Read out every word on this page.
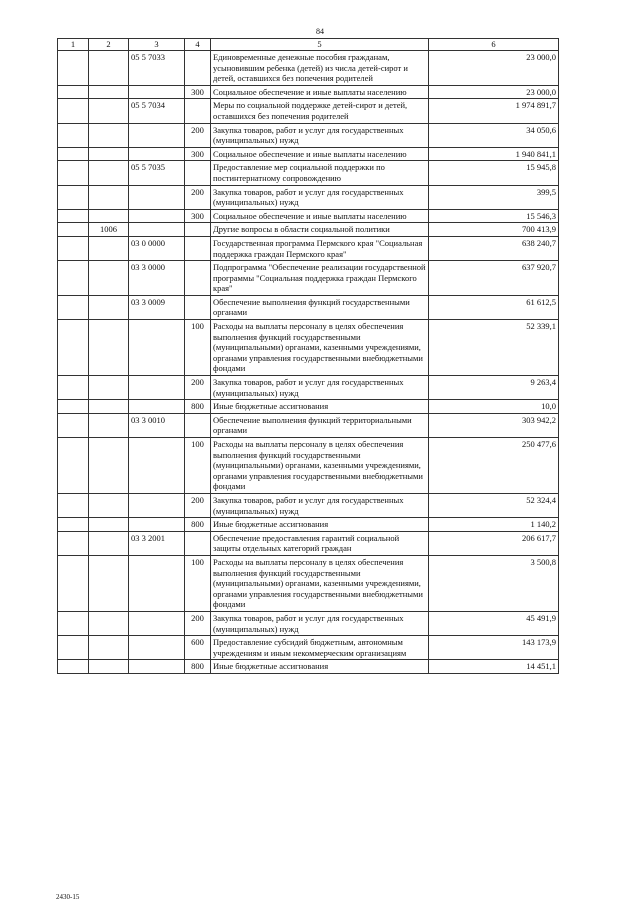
84
1	2	3	4	5	6
		05 5 7033		Единовременные денежные пособия гражданам, усыновившим ребенка (детей) из числа детей-сирот и детей, оставшихся без попечения родителей	23 000,0
			300	Социальное обеспечение и иные выплаты населению	23 000,0
		05 5 7034		Меры по социальной поддержке детей-сирот и детей, оставшихся без попечения родителей	1 974 891,7
			200	Закупка товаров, работ и услуг для государственных (муниципальных) нужд	34 050,6
			300	Социальное обеспечение и иные выплаты населению	1 940 841,1
		05 5 7035		Предоставление мер социальной поддержки по постинтернатному сопровождению	15 945,8
			200	Закупка товаров, работ и услуг для государственных (муниципальных) нужд	399,5
			300	Социальное обеспечение и иные выплаты населению	15 546,3
	1006			Другие вопросы в области социальной политики	700 413,9
		03 0 0000		Государственная программа Пермского края "Социальная поддержка граждан Пермского края"	638 240,7
		03 3 0000		Подпрограмма "Обеспечение реализации государственной программы "Социальная поддержка граждан Пермского края"	637 920,7
		03 3 0009		Обеспечение выполнения функций государственными органами	61 612,5
			100	Расходы на выплаты персоналу в целях обеспечения выполнения функций государственными (муниципальными) органами, казенными учреждениями, органами управления государственными внебюджетными фондами	52 339,1
			200	Закупка товаров, работ и услуг для государственных (муниципальных) нужд	9 263,4
			800	Иные бюджетные ассигнования	10,0
		03 3 0010		Обеспечение выполнения функций территориальными органами	303 942,2
			100	Расходы на выплаты персоналу в целях обеспечения выполнения функций государственными (муниципальными) органами, казенными учреждениями, органами управления государственными внебюджетными фондами	250 477,6
			200	Закупка товаров, работ и услуг для государственных (муниципальных) нужд	52 324,4
			800	Иные бюджетные ассигнования	1 140,2
		03 3 2001		Обеспечение предоставления гарантий социальной защиты отдельных категорий граждан	206 617,7
			100	Расходы на выплаты персоналу в целях обеспечения выполнения функций государственными (муниципальными) органами, казенными учреждениями, органами управления государственными внебюджетными фондами	3 500,8
			200	Закупка товаров, работ и услуг для государственных (муниципальных) нужд	45 491,9
			600	Предоставление субсидий бюджетным, автономным учреждениям и иным некоммерческим организациям	143 173,9
			800	Иные бюджетные ассигнования	14 451,1
2430-15
